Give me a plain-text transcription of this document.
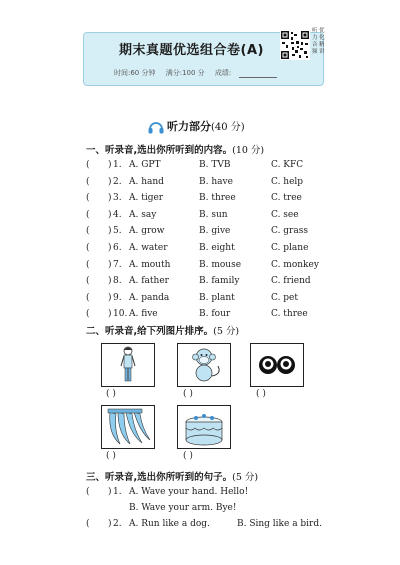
期末真题优选组合卷(A)
时间:60 分钟 满分:100 分 成绩:
听力音频
优化精讲
听力部分(40 分)
一、听录音,选出你所听到的内容。(10 分)
( ) 1. A. GPT	B. TVB	C. KFC
( ) 2. A. hand	B. have	C. help
( ) 3. A. tiger	B. three	C. tree
( ) 4. A. say	B. sun	C. see
( ) 5. A. grow	B. give	C. grass
( ) 6. A. water	B. eight	C. plane
( ) 7. A. mouth	B. mouse	C. monkey
( ) 8. A. father	B. family	C. friend
( ) 9. A. panda	B. plant	C. pet
( ) 10. A. five	B. four	C. three
二、听录音,给下列图片排序。(5 分)
( )	( )	( )
( )	( )
三、听录音,选出你所听到的句子。(5 分)
( ) 1. A. Wave your hand. Hello!
B. Wave your arm. Bye!
( ) 2. A. Run like a dog.	B. Sing like a bird.
